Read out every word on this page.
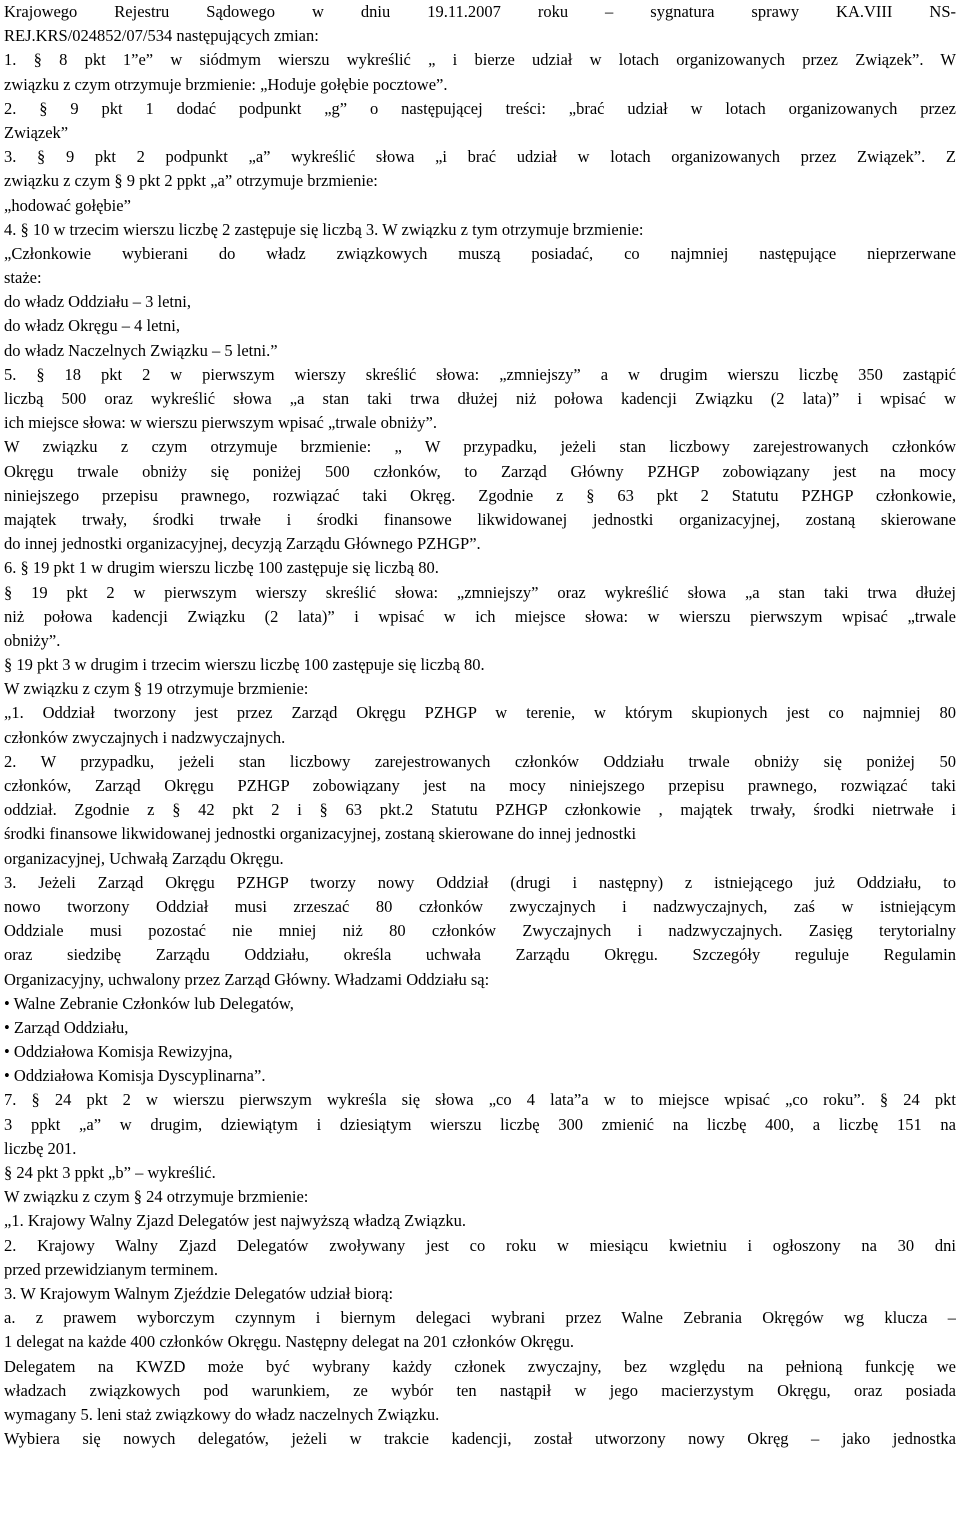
Krajowego Rejestru Sądowego w dniu 19.11.2007 roku – sygnatura sprawy KA.VIII NS-
REJ.KRS/024852/07/534 następujących zmian:
1. § 8 pkt 1”e” w siódmym wierszu wykreślić „ i bierze udział w lotach organizowanych przez Związek”. W
związku z czym otrzymuje brzmienie: „Hoduje gołębie pocztowe”.
2. § 9 pkt 1 dodać podpunkt „g” o następującej treści: „brać udział w lotach organizowanych przez
Związek”
3. § 9 pkt 2 podpunkt „a” wykreślić słowa „i brać udział w lotach organizowanych przez Związek”. Z
związku z czym § 9 pkt 2 ppkt „a” otrzymuje brzmienie:
„hodować gołębie”
4. § 10 w trzecim wierszu liczbę 2 zastępuje się liczbą 3. W związku z tym otrzymuje brzmienie:
„Członkowie wybierani do władz związkowych muszą posiadać, co najmniej następujące nieprzerwane
staże:
do władz Oddziału – 3 letni,
do władz Okręgu – 4 letni,
do władz Naczelnych Związku – 5 letni.”
5. § 18 pkt 2 w pierwszym wierszy skreślić słowa: „zmniejszy” a w drugim wierszu liczbę 350 zastąpić
liczbą 500 oraz wykreślić słowa „a stan taki trwa dłużej niż połowa kadencji Związku (2 lata)” i wpisać w
ich miejsce słowa: w wierszu pierwszym wpisać „trwale obniży”.
W związku z czym otrzymuje brzmienie: „ W przypadku, jeżeli stan liczbowy zarejestrowanych członków
Okręgu trwale obniży się poniżej 500 członków, to Zarząd Główny PZHGP zobowiązany jest na mocy
niniejszego przepisu prawnego, rozwiązać taki Okręg. Zgodnie z § 63 pkt 2 Statutu PZHGP członkowie,
majątek trwały, środki trwałe i środki finansowe likwidowanej jednostki organizacyjnej, zostaną skierowane
do innej jednostki organizacyjnej, decyzją Zarządu Głównego PZHGP”.
6. § 19 pkt 1 w drugim wierszu liczbę 100 zastępuje się liczbą 80.
§ 19 pkt 2 w pierwszym wierszy skreślić słowa: „zmniejszy” oraz wykreślić słowa „a stan taki trwa dłużej
niż połowa kadencji Związku (2 lata)” i wpisać w ich miejsce słowa: w wierszu pierwszym wpisać „trwale
obniży”.
§ 19 pkt 3 w drugim i trzecim wierszu liczbę 100 zastępuje się liczbą 80.
W związku z czym § 19 otrzymuje brzmienie:
„1. Oddział tworzony jest przez Zarząd Okręgu PZHGP w terenie, w którym skupionych jest co najmniej 80
członków zwyczajnych i nadzwyczajnych.
2. W przypadku, jeżeli stan liczbowy zarejestrowanych członków Oddziału trwale obniży się poniżej 50
członków, Zarząd Okręgu PZHGP zobowiązany jest na mocy niniejszego przepisu prawnego, rozwiązać taki
oddział. Zgodnie z § 42 pkt 2 i § 63 pkt.2 Statutu PZHGP członkowie , majątek trwały, środki nietrwałe i
środki finansowe likwidowanej jednostki organizacyjnej, zostaną skierowane do innej jednostki
organizacyjnej, Uchwałą Zarządu Okręgu.
3. Jeżeli Zarząd Okręgu PZHGP tworzy nowy Oddział (drugi i następny) z istniejącego już Oddziału, to
nowo tworzony Oddział musi zrzeszać 80 członków zwyczajnych i nadzwyczajnych, zaś w istniejącym
Oddziale musi pozostać nie mniej niż 80 członków Zwyczajnych i nadzwyczajnych. Zasięg terytorialny
oraz siedzibę Zarządu Oddziału, określa uchwała Zarządu Okręgu. Szczegóły reguluje Regulamin
Organizacyjny, uchwalony przez Zarząd Główny. Władzami Oddziału są:
• Walne Zebranie Członków lub Delegatów,
• Zarząd Oddziału,
• Oddziałowa Komisja Rewizyjna,
• Oddziałowa Komisja Dyscyplinarna”.
7. § 24 pkt 2 w wierszu pierwszym wykreśla się słowa „co 4 lata”a w to miejsce wpisać „co roku”. § 24 pkt
3 ppkt „a” w drugim, dziewiątym i dziesiątym wierszu liczbę 300 zmienić na liczbę 400, a liczbę 151 na
liczbę 201.
§ 24 pkt 3 ppkt „b” – wykreślić.
W związku z czym § 24 otrzymuje brzmienie:
„1. Krajowy Walny Zjazd Delegatów jest najwyższą władzą Związku.
2. Krajowy Walny Zjazd Delegatów zwoływany jest co roku w miesiącu kwietniu i ogłoszony na 30 dni
przed przewidzianym terminem.
3. W Krajowym Walnym Zjeździe Delegatów udział biorą:
a. z prawem wyborczym czynnym i biernym delegaci wybrani przez Walne Zebrania Okręgów wg klucza –
1 delegat na każde 400 członków Okręgu. Następny delegat na 201 członków Okręgu.
Delegatem na KWZD może być wybrany każdy członek zwyczajny, bez względu na pełnioną funkcję we
władzach związkowych pod warunkiem, ze wybór ten nastąpił w jego macierzystym Okręgu, oraz posiada
wymagany 5. leni staż związkowy do władz naczelnych Związku.
Wybiera się nowych delegatów, jeżeli w trakcie kadencji, został utworzony nowy Okręg – jako jednostka
